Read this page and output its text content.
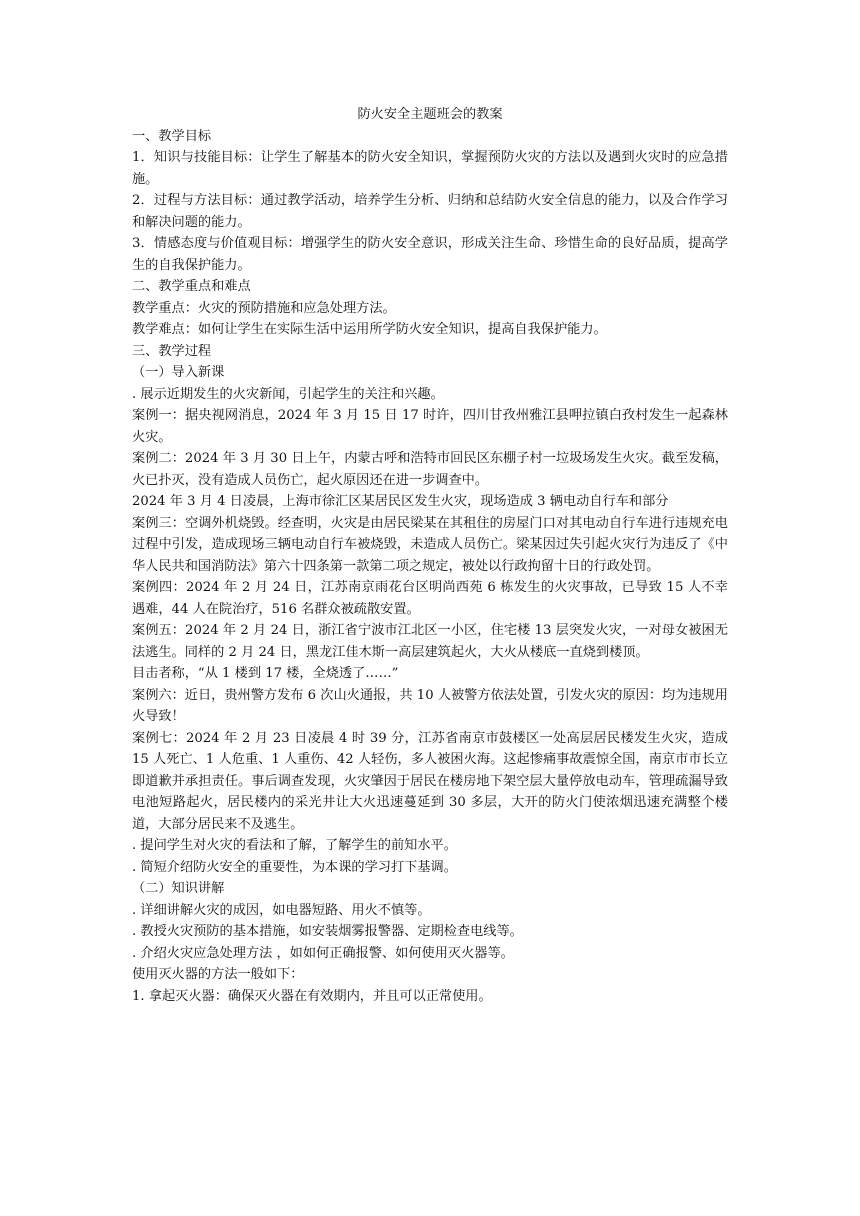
防火安全主题班会的教案

一、教学目标

1．知识与技能目标：让学生了解基本的防火安全知识，掌握预防火灾的方法以及遇到火灾时的应急措施。

2．过程与方法目标：通过教学活动，培养学生分析、归纳和总结防火安全信息的能力，以及合作学习和解决问题的能力。

3．情感态度与价值观目标：增强学生的防火安全意识，形成关注生命、珍惜生命的良好品质，提高学生的自我保护能力。

二、教学重点和难点

教学重点：火灾的预防措施和应急处理方法。

教学难点：如何让学生在实际生活中运用所学防火安全知识，提高自我保护能力。

三、教学过程

（一）导入新课

. 展示近期发生的火灾新闻，引起学生的关注和兴趣。

案例一：据央视网消息，2024 年 3 月 15 日 17 时许，四川甘孜州雅江县呷拉镇白孜村发生一起森林火灾。

案例二：2024 年 3 月 30 日上午，内蒙古呼和浩特市回民区东棚子村一垃圾场发生火灾。截至发稿，火已扑灭，没有造成人员伤亡，起火原因还在进一步调查中。

2024 年 3 月 4 日凌晨，上海市徐汇区某居民区发生火灾，现场造成 3 辆电动自行车和部分

案例三：空调外机烧毁。经查明，火灾是由居民梁某在其租住的房屋门口对其电动自行车进行违规充电过程中引发，造成现场三辆电动自行车被烧毁，未造成人员伤亡。梁某因过失引起火灾行为违反了《中华人民共和国消防法》第六十四条第一款第二项之规定，被处以行政拘留十日的行政处罚。

案例四：2024 年 2 月 24 日，江苏南京雨花台区明尚西苑 6 栋发生的火灾事故，已导致 15 人不幸遇难，44 人在院治疗，516 名群众被疏散安置。

案例五：2024 年 2 月 24 日，浙江省宁波市江北区一小区，住宅楼 13 层突发火灾，一对母女被困无法逃生。同样的 2 月 24 日，黑龙江佳木斯一高层建筑起火，大火从楼底一直烧到楼顶。

目击者称，“从 1 楼到 17 楼，全烧透了……”

案例六：近日，贵州警方发布 6 次山火通报，共 10 人被警方依法处置，引发火灾的原因：均为违规用火导致！

案例七：2024 年 2 月 23 日凌晨 4 时 39 分，江苏省南京市鼓楼区一处高层居民楼发生火灾，造成 15 人死亡、1 人危重、1 人重伤、42 人轻伤，多人被困火海。这起惨痛事故震惊全国，南京市市长立即道歉并承担责任。事后调查发现，火灾肇因于居民在楼房地下架空层大量停放电动车，管理疏漏导致电池短路起火，居民楼内的采光井让大火迅速蔓延到 30 多层，大开的防火门使浓烟迅速充满整个楼道，大部分居民来不及逃生。

. 提问学生对火灾的看法和了解，了解学生的前知水平。

. 简短介绍防火安全的重要性，为本课的学习打下基调。

（二）知识讲解

. 详细讲解火灾的成因，如电器短路、用火不慎等。

. 教授火灾预防的基本措施，如安装烟雾报警器、定期检查电线等。

. 介绍火灾应急处理方法 ，如如何正确报警、如何使用灭火器等。

使用灭火器的方法一般如下：

1. 拿起灭火器：确保灭火器在有效期内，并且可以正常使用。
